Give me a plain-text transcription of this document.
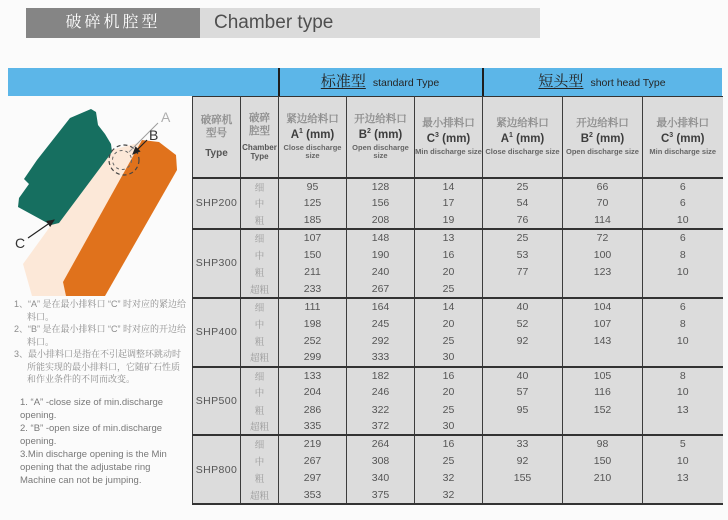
破碎机腔型	Chamber type
标准型 standard Type	短头型 short head Type
A
B
C
1、“A” 是在最小排料口 “C” 时对应的紧边给料口。
2、“B” 是在最小排料口 “C” 时对应的开边给料口。
3、最小排料口是指在不引起调整环跳动时所能实现的最小排料口，它随矿石性质和作业条件的不同而改变。
1. “A” -close size of min.discharge opening.
2. “B” -open size of min.discharge opening.
3.Min discharge opening is the Min opening that the adjustabe ring Machine can not be jumping.
破碎机
型号
Type

破碎
腔型
Chamber Type

紧边给料口
$A^1$ (mm)
Close discharge size

开边给料口
$B^2$ (mm)
Open discharge size

最小排料口
$C^3$ (mm)
Min discharge size

紧边给料口
$A^1$ (mm)
Close discharge size

开边给料口
$B^2$ (mm)
Open discharge size

最小排料口
$C^3$ (mm)
Min discharge size

SHP200	细	95	128	14	25	66	6
	中	125	156	17	54	70	6
	粗	185	208	19	76	114	10
SHP300	细	107	148	13	25	72	6
	中	150	190	16	53	100	8
	粗	211	240	20	77	123	10
	超粗	233	267	25			
SHP400	细	111	164	14	40	104	6
	中	198	245	20	52	107	8
	粗	252	292	25	92	143	10
	超粗	299	333	30			
SHP500	细	133	182	16	40	105	8
	中	204	246	20	57	116	10
	粗	286	322	25	95	152	13
	超粗	335	372	30			
SHP800	细	219	264	16	33	98	5
	中	267	308	25	92	150	10
	粗	297	340	32	155	210	13
	超粗	353	375	32			
